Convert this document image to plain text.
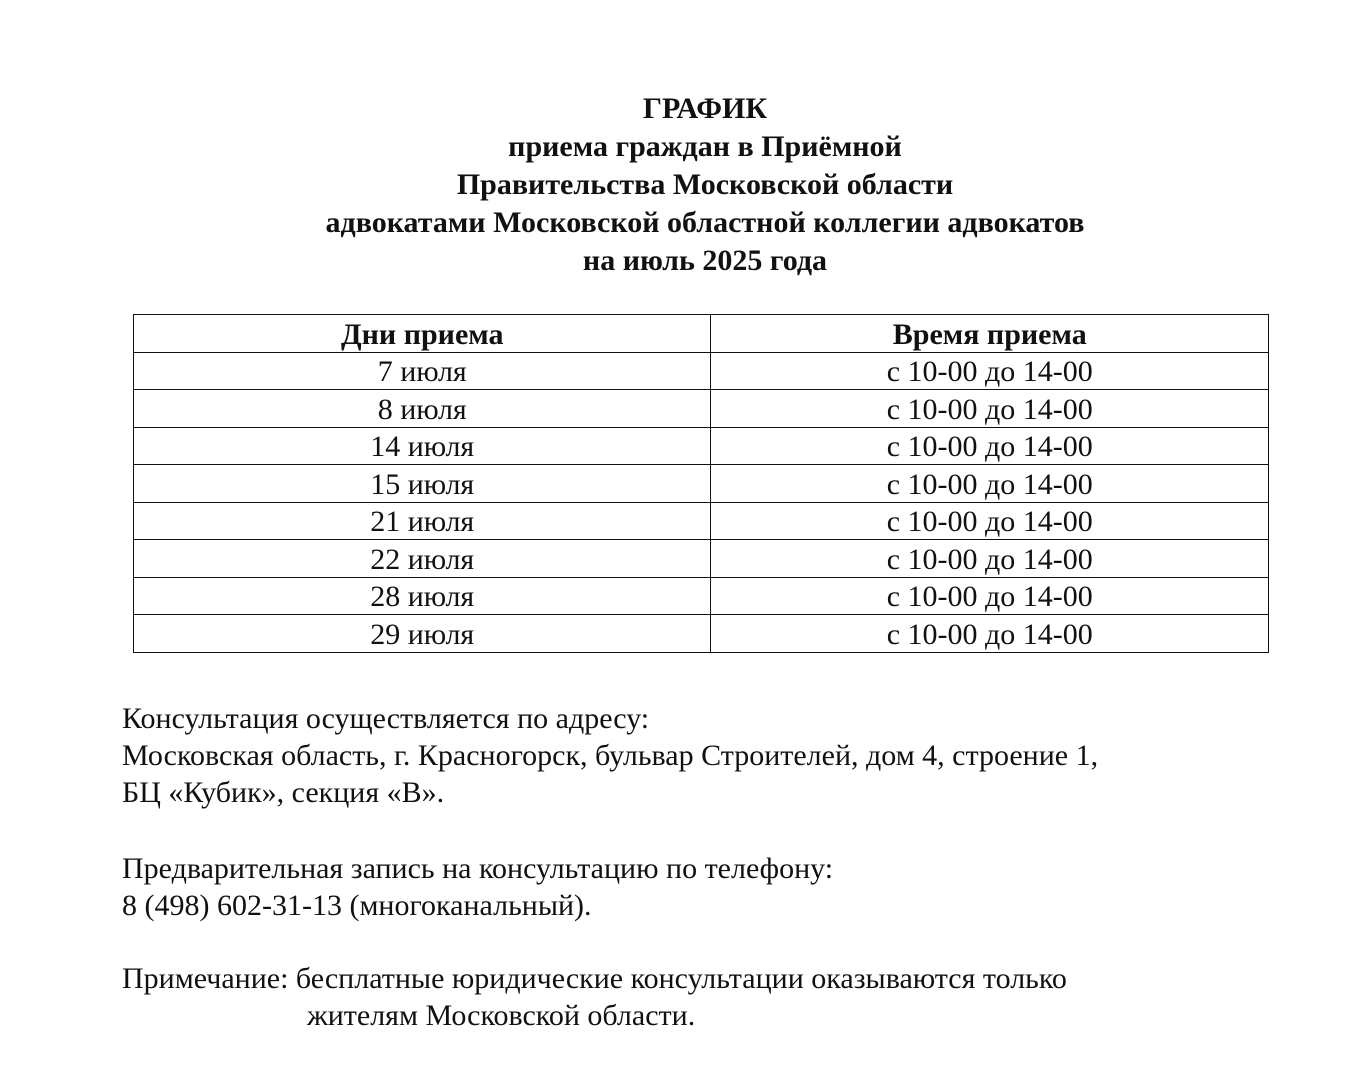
ГРАФИК
приема граждан в Приёмной
Правительства Московской области
адвокатами Московской областной коллегии адвокатов
на июль 2025 года
Дни приема	Время приема
7 июля	с 10-00 до 14-00
8 июля	с 10-00 до 14-00
14 июля	с 10-00 до 14-00
15 июля	с 10-00 до 14-00
21 июля	с 10-00 до 14-00
22 июля	с 10-00 до 14-00
28 июля	с 10-00 до 14-00
29 июля	с 10-00 до 14-00
Консультация осуществляется по адресу:
Московская область, г. Красногорск, бульвар Строителей, дом 4, строение 1,
БЦ «Кубик», секция «В».
Предварительная запись на консультацию по телефону:
8 (498) 602-31-13 (многоканальный).
Примечание: бесплатные юридические консультации оказываются только
жителям Московской области.
